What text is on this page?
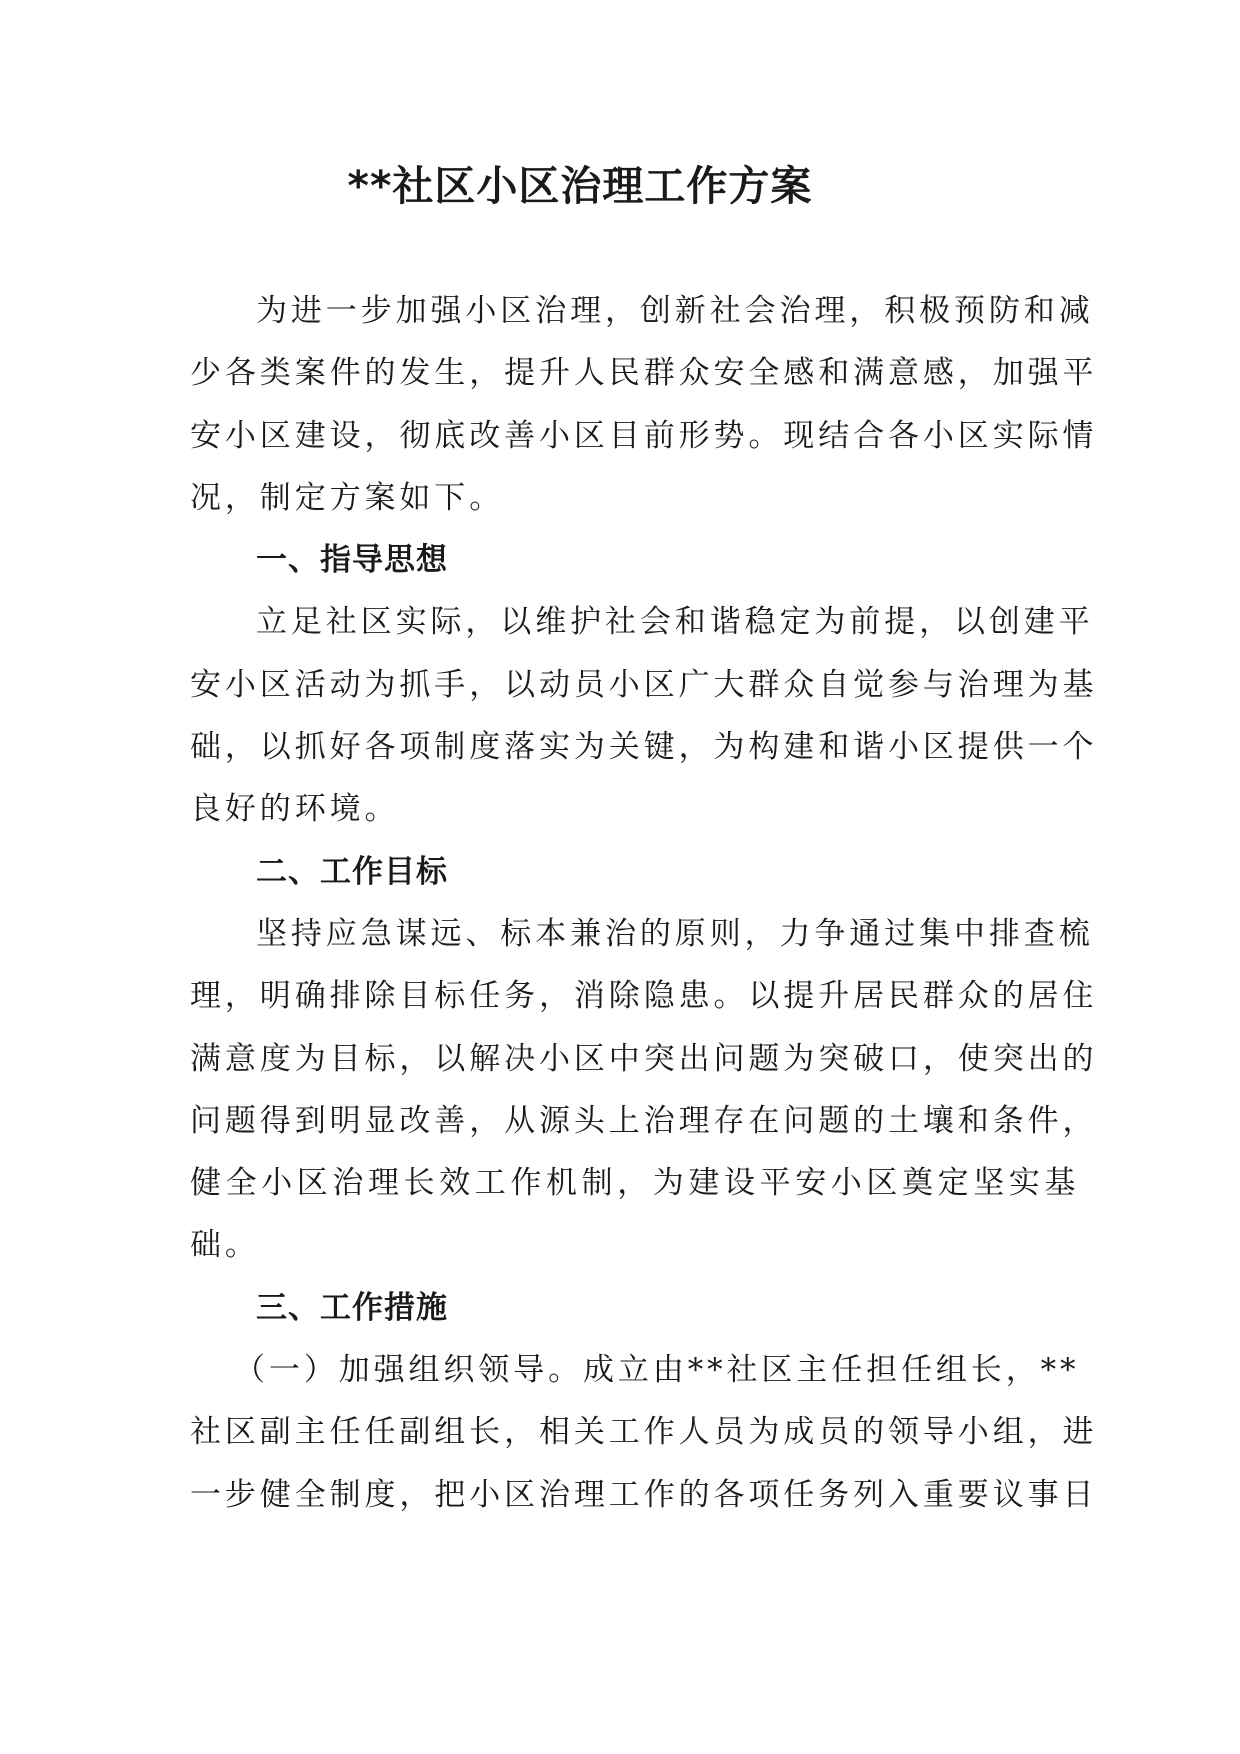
**社区小区治理工作方案
为进一步加强小区治理，创新社会治理，积极预防和减
少各类案件的发生，提升人民群众安全感和满意感，加强平
安小区建设，彻底改善小区目前形势。现结合各小区实际情
况，制定方案如下。
一、指导思想
立足社区实际，以维护社会和谐稳定为前提，以创建平
安小区活动为抓手，以动员小区广大群众自觉参与治理为基
础，以抓好各项制度落实为关键，为构建和谐小区提供一个
良好的环境。
二、工作目标
坚持应急谋远、标本兼治的原则，力争通过集中排查梳
理，明确排除目标任务，消除隐患。以提升居民群众的居住
满意度为目标，以解决小区中突出问题为突破口，使突出的
问题得到明显改善，从源头上治理存在问题的土壤和条件，
健全小区治理长效工作机制，为建设平安小区奠定坚实基
础。
三、工作措施
（一）加强组织领导。成立由**社区主任担任组长，**
社区副主任任副组长，相关工作人员为成员的领导小组，进
一步健全制度，把小区治理工作的各项任务列入重要议事日
